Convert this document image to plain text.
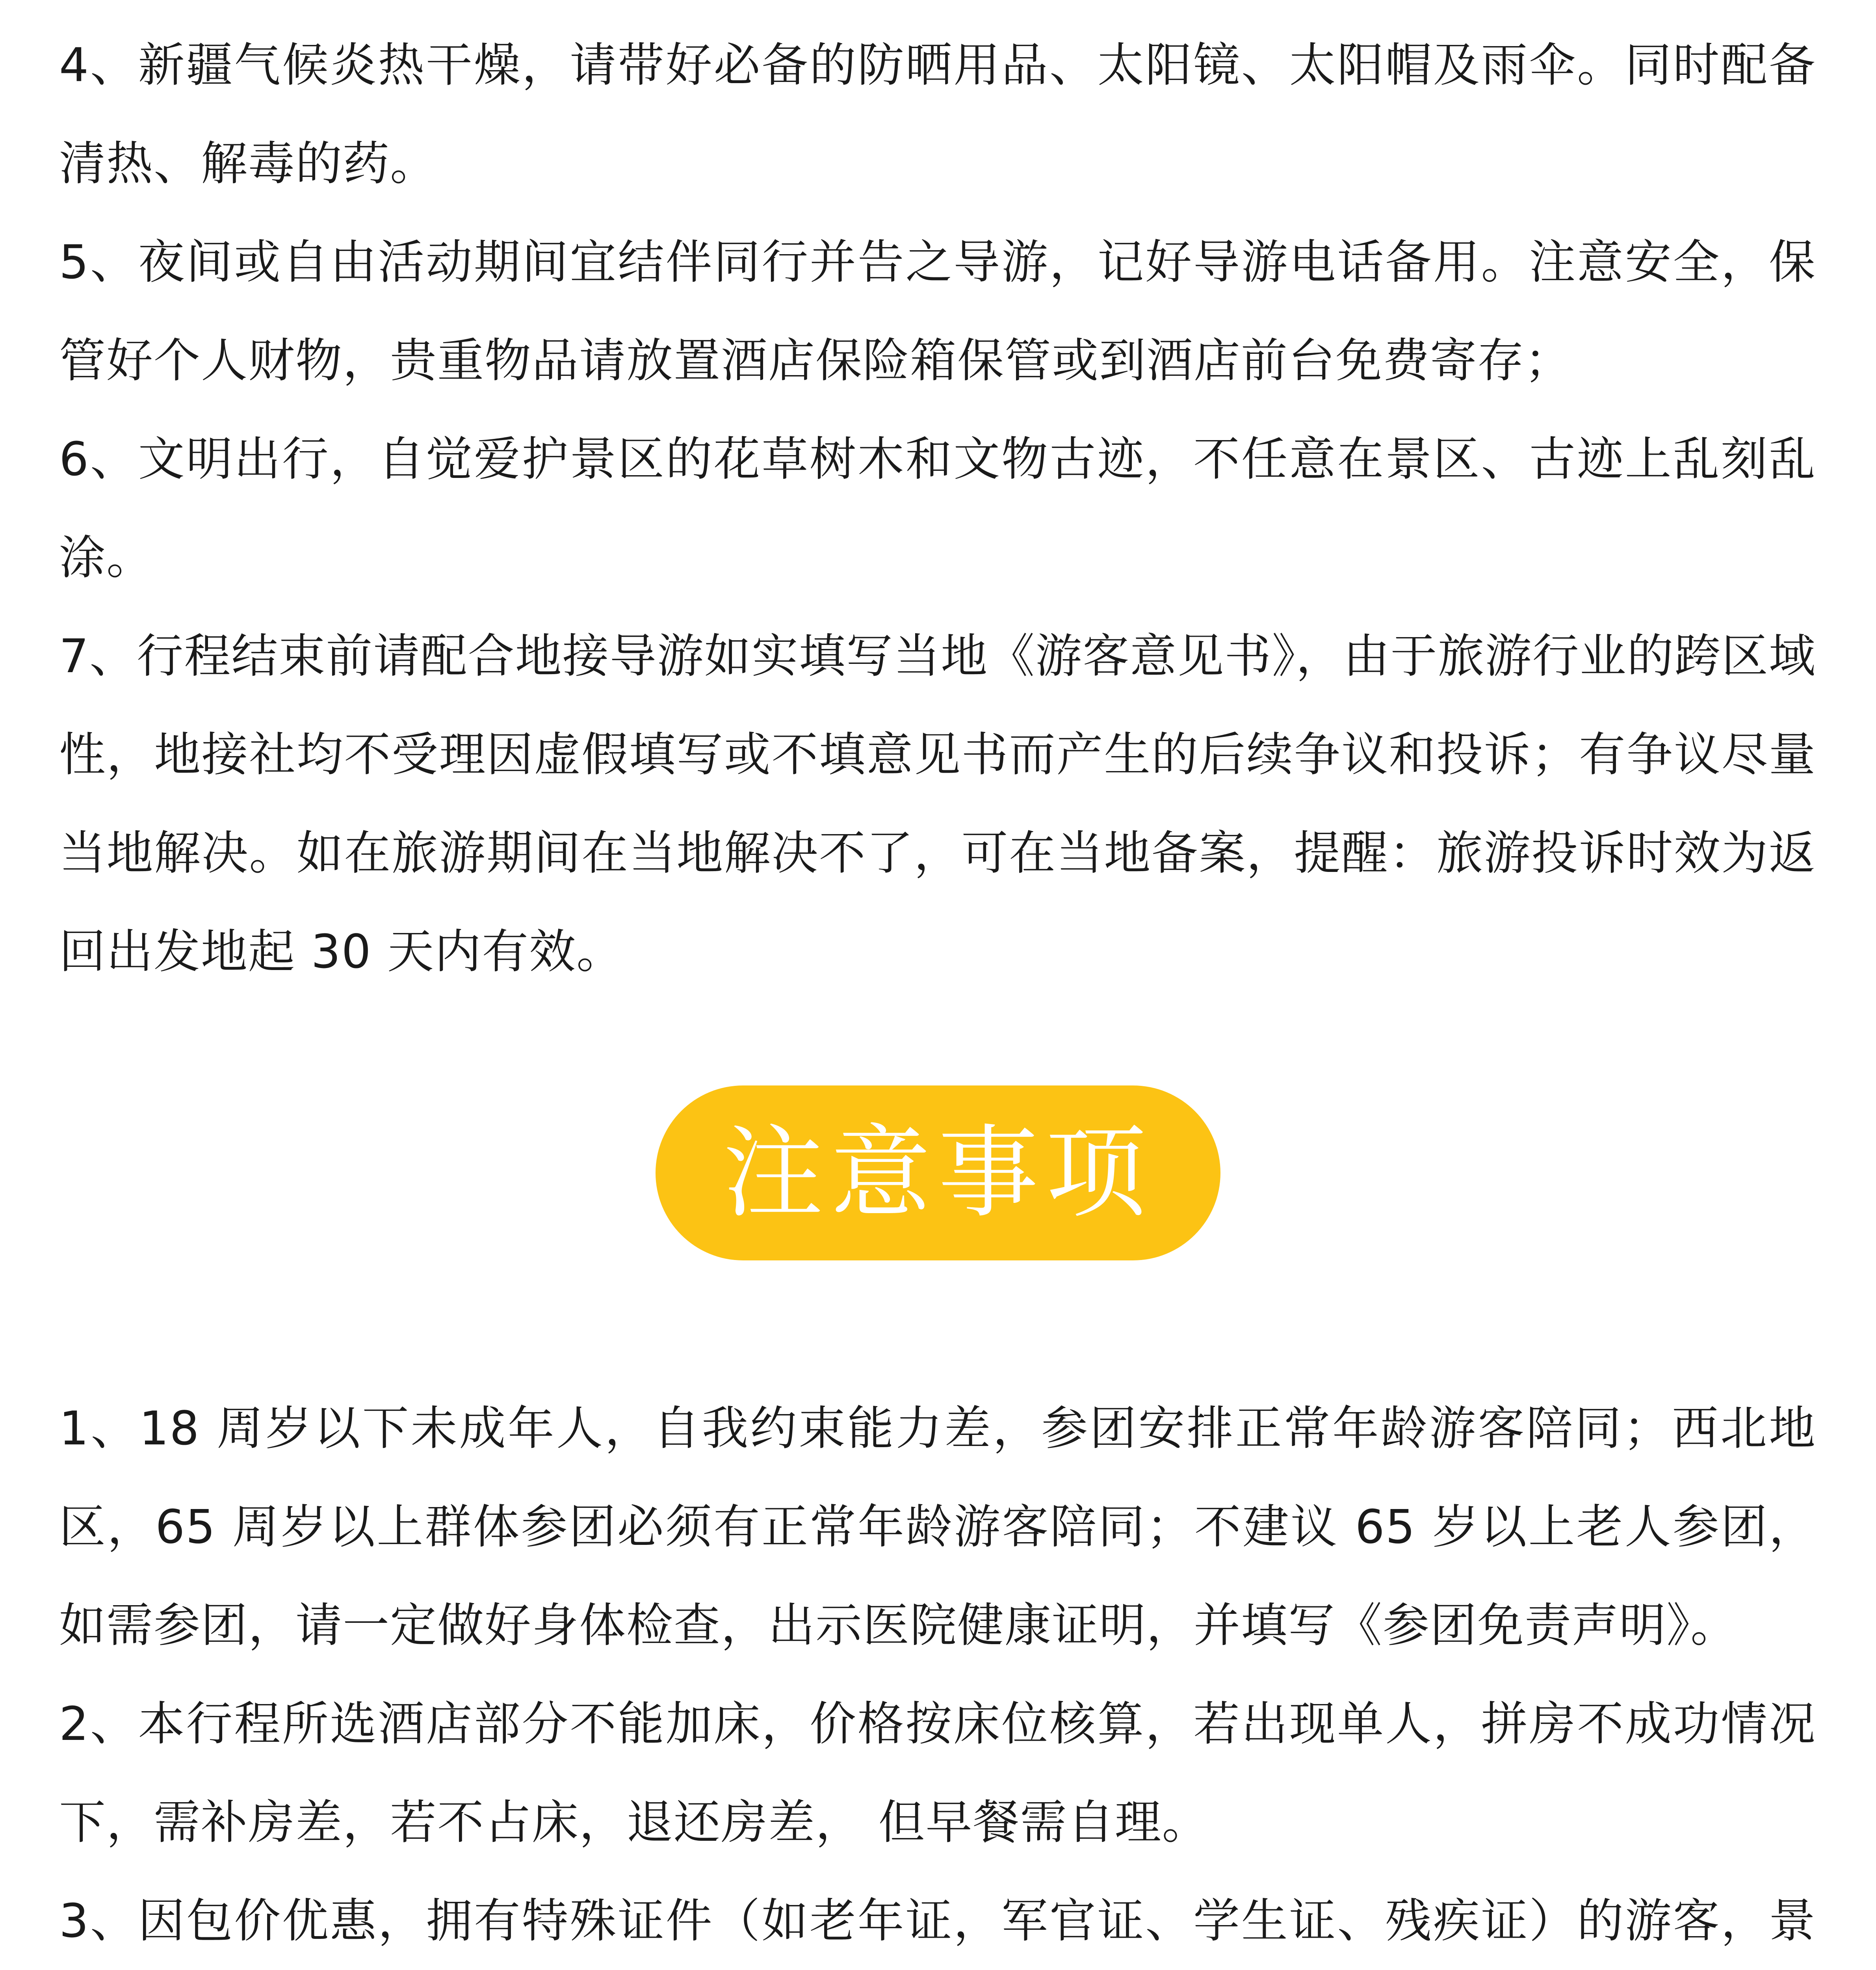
4、新疆气候炎热干燥，请带好必备的防晒用品、太阳镜、太阳帽及雨伞。同时配备清热、解毒的药。

5、夜间或自由活动期间宜结伴同行并告之导游，记好导游电话备用。注意安全，保管好个人财物，贵重物品请放置酒店保险箱保管或到酒店前台免费寄存；

6、文明出行，自觉爱护景区的花草树木和文物古迹，不任意在景区、古迹上乱刻乱涂。

7、行程结束前请配合地接导游如实填写当地《游客意见书》，由于旅游行业的跨区域性，地接社均不受理因虚假填写或不填意见书而产生的后续争议和投诉；有争议尽量当地解决。如在旅游期间在当地解决不了，可在当地备案，提醒：旅游投诉时效为返回出发地起 30 天内有效。

注意事项

1、18 周岁以下未成年人，自我约束能力差，参团安排正常年龄游客陪同；西北地区，65 周岁以上群体参团必须有正常年龄游客陪同；不建议 65 岁以上老人参团，如需参团，请一定做好身体检查，出示医院健康证明，并填写《参团免责声明》。

2、本行程所选酒店部分不能加床，价格按床位核算，若出现单人，拼房不成功情况下，需补房差，若不占床，退还房差， 但早餐需自理。

3、因包价优惠，拥有特殊证件（如老年证，军官证、学生证、残疾证）的游客，景
